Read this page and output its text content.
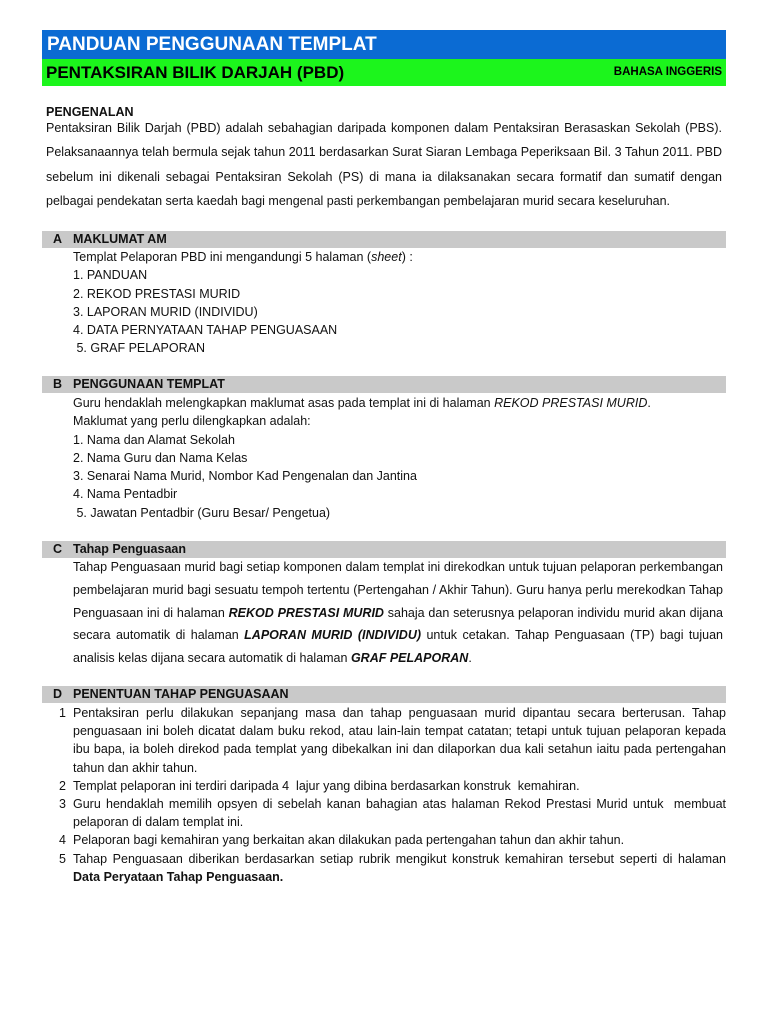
PANDUAN PENGGUNAAN TEMPLAT
PENTAKSIRAN BILIK DARJAH (PBD)	BAHASA INGGERIS
PENGENALAN
Pentaksiran Bilik Darjah (PBD) adalah sebahagian daripada komponen dalam Pentaksiran Berasaskan Sekolah (PBS). Pelaksanaannya telah bermula sejak tahun 2011 berdasarkan Surat Siaran Lembaga Peperiksaan Bil. 3 Tahun 2011. PBD sebelum ini dikenali sebagai Pentaksiran Sekolah (PS) di mana ia dilaksanakan secara formatif dan sumatif dengan pelbagai pendekatan serta kaedah bagi mengenal pasti perkembangan pembelajaran murid secara keseluruhan.
A MAKLUMAT AM
Templat Pelaporan PBD ini mengandungi 5 halaman (sheet) :
1. PANDUAN
2. REKOD PRESTASI MURID
3. LAPORAN MURID (INDIVIDU)
4. DATA PERNYATAAN TAHAP PENGUASAAN
5. GRAF PELAPORAN
B PENGGUNAAN TEMPLAT
Guru hendaklah melengkapkan maklumat asas pada templat ini di halaman REKOD PRESTASI MURID.
Maklumat yang perlu dilengkapkan adalah:
1. Nama dan Alamat Sekolah
2. Nama Guru dan Nama Kelas
3. Senarai Nama Murid, Nombor Kad Pengenalan dan Jantina
4. Nama Pentadbir
5. Jawatan Pentadbir (Guru Besar/ Pengetua)
C Tahap Penguasaan
Tahap Penguasaan murid bagi setiap komponen dalam templat ini direkodkan untuk tujuan pelaporan perkembangan pembelajaran murid bagi sesuatu tempoh tertentu (Pertengahan / Akhir Tahun). Guru hanya perlu merekodkan Tahap Penguasaan ini di halaman REKOD PRESTASI MURID sahaja dan seterusnya pelaporan individu murid akan dijana secara automatik di halaman LAPORAN MURID (INDIVIDU) untuk cetakan. Tahap Penguasaan (TP) bagi tujuan analisis kelas dijana secara automatik di halaman GRAF PELAPORAN.
D PENENTUAN TAHAP PENGUASAAN
1 Pentaksiran perlu dilakukan sepanjang masa dan tahap penguasaan murid dipantau secara berterusan. Tahap penguasaan ini boleh dicatat dalam buku rekod, atau lain-lain tempat catatan; tetapi untuk tujuan pelaporan kepada ibu bapa, ia boleh direkod pada templat yang dibekalkan ini dan dilaporkan dua kali setahun iaitu pada pertengahan tahun dan akhir tahun.
2 Templat pelaporan ini terdiri daripada 4  lajur yang dibina berdasarkan konstruk  kemahiran.
3 Guru hendaklah memilih opsyen di sebelah kanan bahagian atas halaman Rekod Prestasi Murid untuk  membuat pelaporan di dalam templat ini.
4 Pelaporan bagi kemahiran yang berkaitan akan dilakukan pada pertengahan tahun dan akhir tahun.
5 Tahap Penguasaan diberikan berdasarkan setiap rubrik mengikut konstruk kemahiran tersebut seperti di halaman Data Peryataan Tahap Penguasaan.
